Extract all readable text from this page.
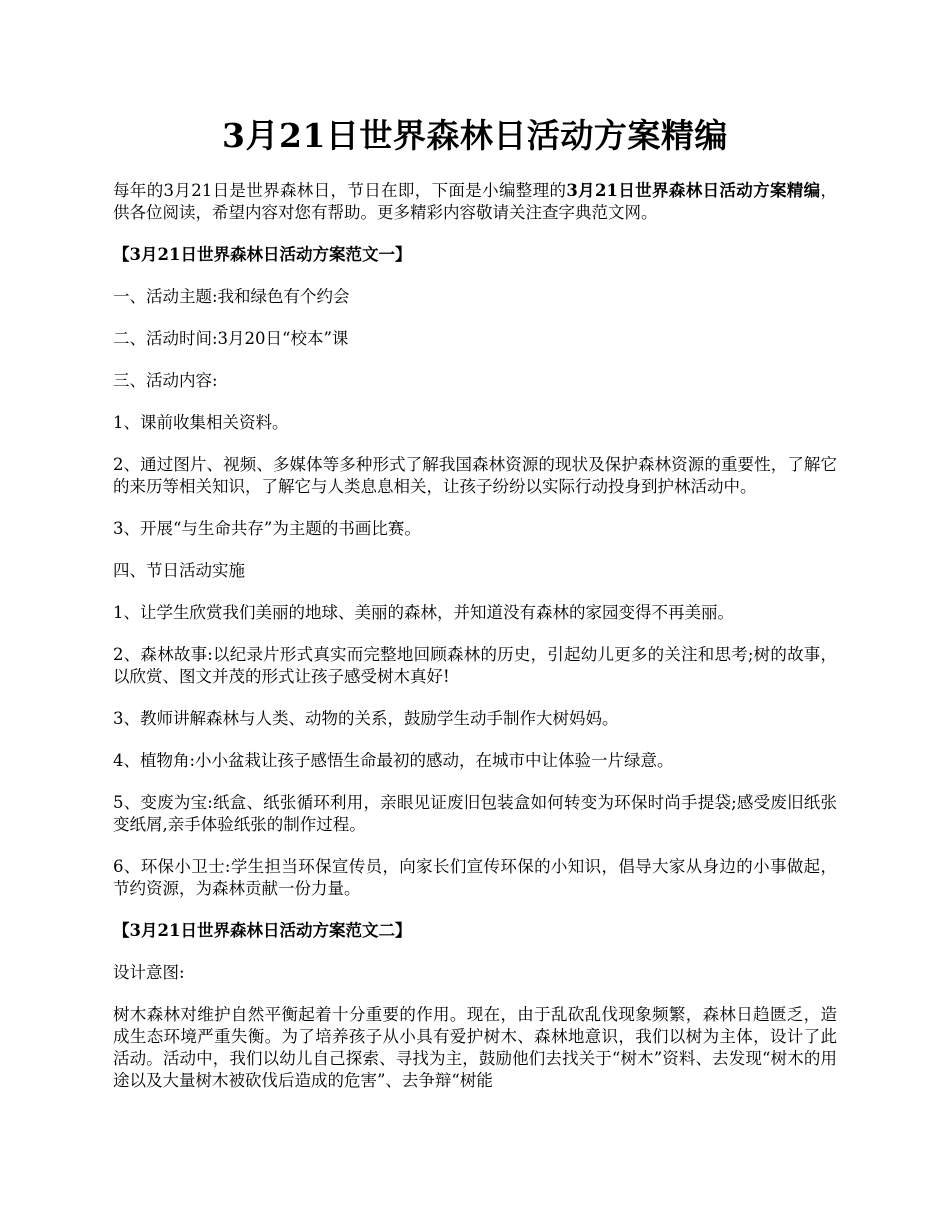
3月21日世界森林日活动方案精编

每年的3月21日是世界森林日，节日在即，下面是小编整理的3月21日世界森林日活动方案精编，供各位阅读，希望内容对您有帮助。更多精彩内容敬请关注查字典范文网。

【3月21日世界森林日活动方案范文一】

一、活动主题:我和绿色有个约会

二、活动时间:3月20日“校本”课

三、活动内容:

1、课前收集相关资料。

2、通过图片、视频、多媒体等多种形式了解我国森林资源的现状及保护森林资源的重要性，了解它的来历等相关知识，了解它与人类息息相关，让孩子纷纷以实际行动投身到护林活动中。

3、开展“与生命共存”为主题的书画比赛。

四、节日活动实施

1、让学生欣赏我们美丽的地球、美丽的森林，并知道没有森林的家园变得不再美丽。

2、森林故事:以纪录片形式真实而完整地回顾森林的历史，引起幼儿更多的关注和思考;树的故事，以欣赏、图文并茂的形式让孩子感受树木真好!

3、教师讲解森林与人类、动物的关系，鼓励学生动手制作大树妈妈。

4、植物角:小小盆栽让孩子感悟生命最初的感动，在城市中让体验一片绿意。

5、变废为宝:纸盒、纸张循环利用，亲眼见证废旧包装盒如何转变为环保时尚手提袋;感受废旧纸张变纸屑,亲手体验纸张的制作过程。

6、环保小卫士:学生担当环保宣传员，向家长们宣传环保的小知识，倡导大家从身边的小事做起，节约资源，为森林贡献一份力量。

【3月21日世界森林日活动方案范文二】

设计意图:

树木森林对维护自然平衡起着十分重要的作用。现在，由于乱砍乱伐现象频繁，森林日趋匮乏，造成生态环境严重失衡。为了培养孩子从小具有爱护树木、森林地意识，我们以树为主体，设计了此活动。活动中，我们以幼儿自己探索、寻找为主，鼓励他们去找关于“树木”资料、去发现“树木的用途以及大量树木被砍伐后造成的危害”、去争辩“树能
